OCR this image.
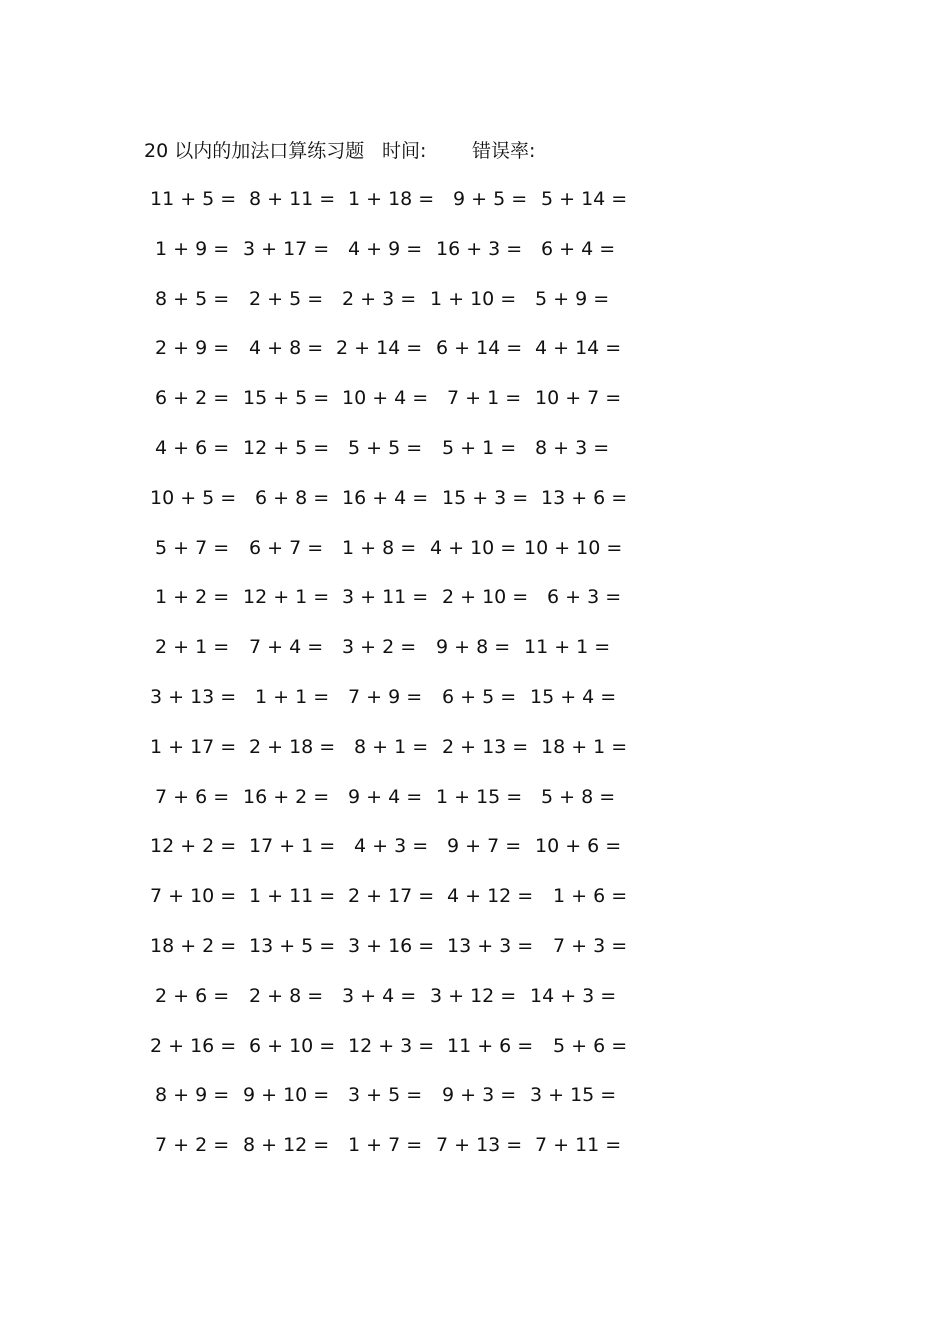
20 以内的加法口算练习题 时间: 错误率:
11 + 5 = 8 + 11 = 1 + 18 = 9 + 5 = 5 + 14 =
1 + 9 = 3 + 17 = 4 + 9 = 16 + 3 = 6 + 4 =
8 + 5 = 2 + 5 = 2 + 3 = 1 + 10 = 5 + 9 =
2 + 9 = 4 + 8 = 2 + 14 = 6 + 14 = 4 + 14 =
6 + 2 = 15 + 5 = 10 + 4 = 7 + 1 = 10 + 7 =
4 + 6 = 12 + 5 = 5 + 5 = 5 + 1 = 8 + 3 =
10 + 5 = 6 + 8 = 16 + 4 = 15 + 3 = 13 + 6 =
5 + 7 = 6 + 7 = 1 + 8 = 4 + 10 = 10 + 10 =
1 + 2 = 12 + 1 = 3 + 11 = 2 + 10 = 6 + 3 =
2 + 1 = 7 + 4 = 3 + 2 = 9 + 8 = 11 + 1 =
3 + 13 = 1 + 1 = 7 + 9 = 6 + 5 = 15 + 4 =
1 + 17 = 2 + 18 = 8 + 1 = 2 + 13 = 18 + 1 =
7 + 6 = 16 + 2 = 9 + 4 = 1 + 15 = 5 + 8 =
12 + 2 = 17 + 1 = 4 + 3 = 9 + 7 = 10 + 6 =
7 + 10 = 1 + 11 = 2 + 17 = 4 + 12 = 1 + 6 =
18 + 2 = 13 + 5 = 3 + 16 = 13 + 3 = 7 + 3 =
2 + 6 = 2 + 8 = 3 + 4 = 3 + 12 = 14 + 3 =
2 + 16 = 6 + 10 = 12 + 3 = 11 + 6 = 5 + 6 =
8 + 9 = 9 + 10 = 3 + 5 = 9 + 3 = 3 + 15 =
7 + 2 = 8 + 12 = 1 + 7 = 7 + 13 = 7 + 11 =
